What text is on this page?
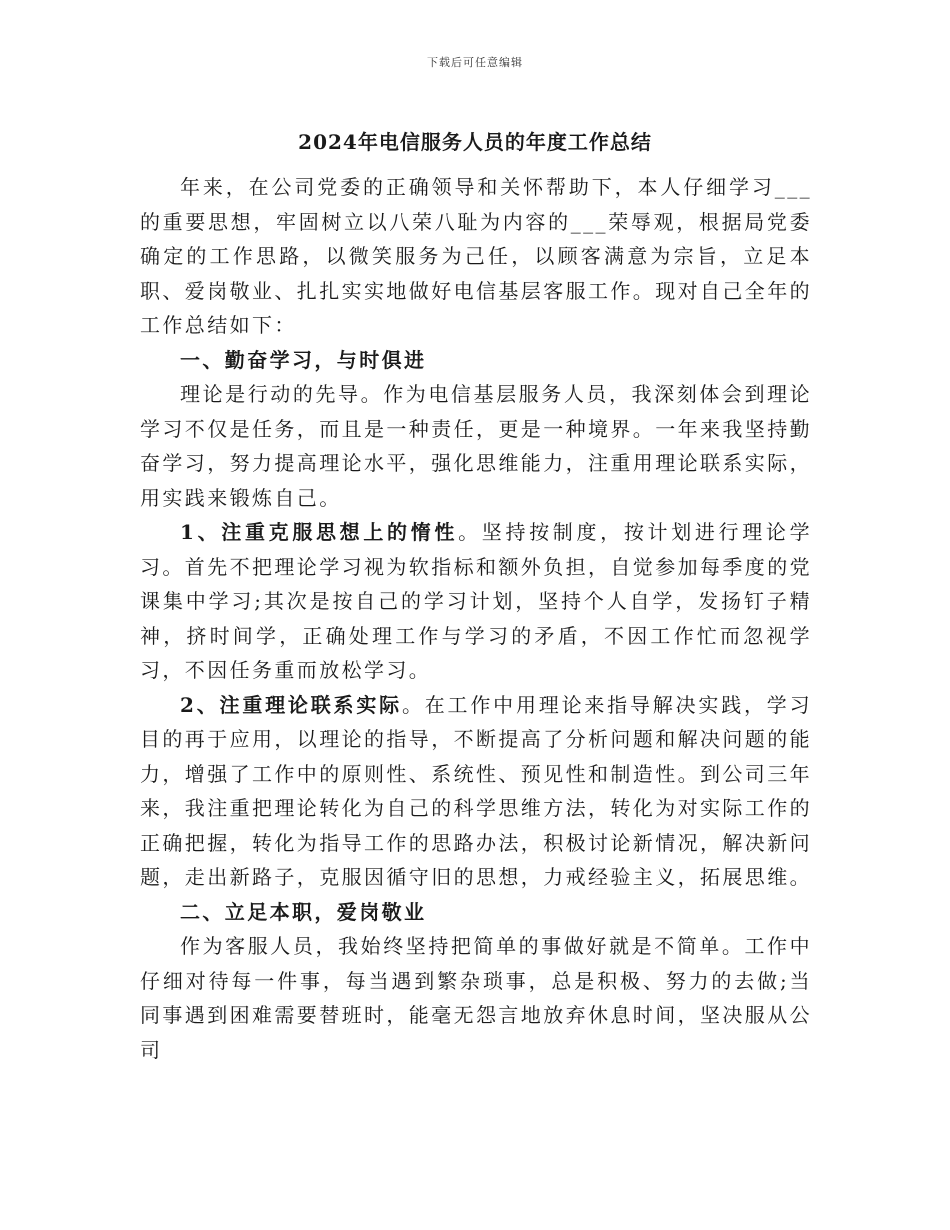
下载后可任意编辑
2024年电信服务人员的年度工作总结

年来，在公司党委的正确领导和关怀帮助下，本人仔细学习___的重要思想，牢固树立以八荣八耻为内容的___荣辱观，根据局党委确定的工作思路，以微笑服务为己任，以顾客满意为宗旨，立足本职、爱岗敬业、扎扎实实地做好电信基层客服工作。现对自己全年的工作总结如下：

一、勤奋学习，与时俱进

理论是行动的先导。作为电信基层服务人员，我深刻体会到理论学习不仅是任务，而且是一种责任，更是一种境界。一年来我坚持勤奋学习，努力提高理论水平，强化思维能力，注重用理论联系实际，用实践来锻炼自己。

1、注重克服思想上的惰性。坚持按制度，按计划进行理论学习。首先不把理论学习视为软指标和额外负担，自觉参加每季度的党课集中学习;其次是按自己的学习计划，坚持个人自学，发扬钉子精神，挤时间学，正确处理工作与学习的矛盾，不因工作忙而忽视学习，不因任务重而放松学习。

2、注重理论联系实际。在工作中用理论来指导解决实践，学习目的再于应用，以理论的指导，不断提高了分析问题和解决问题的能力，增强了工作中的原则性、系统性、预见性和制造性。到公司三年来，我注重把理论转化为自己的科学思维方法，转化为对实际工作的正确把握，转化为指导工作的思路办法，积极讨论新情况，解决新问题，走出新路子，克服因循守旧的思想，力戒经验主义，拓展思维。

二、立足本职，爱岗敬业

作为客服人员，我始终坚持把简单的事做好就是不简单。工作中仔细对待每一件事，每当遇到繁杂琐事，总是积极、努力的去做;当同事遇到困难需要替班时，能毫无怨言地放弃休息时间，坚决服从公司
